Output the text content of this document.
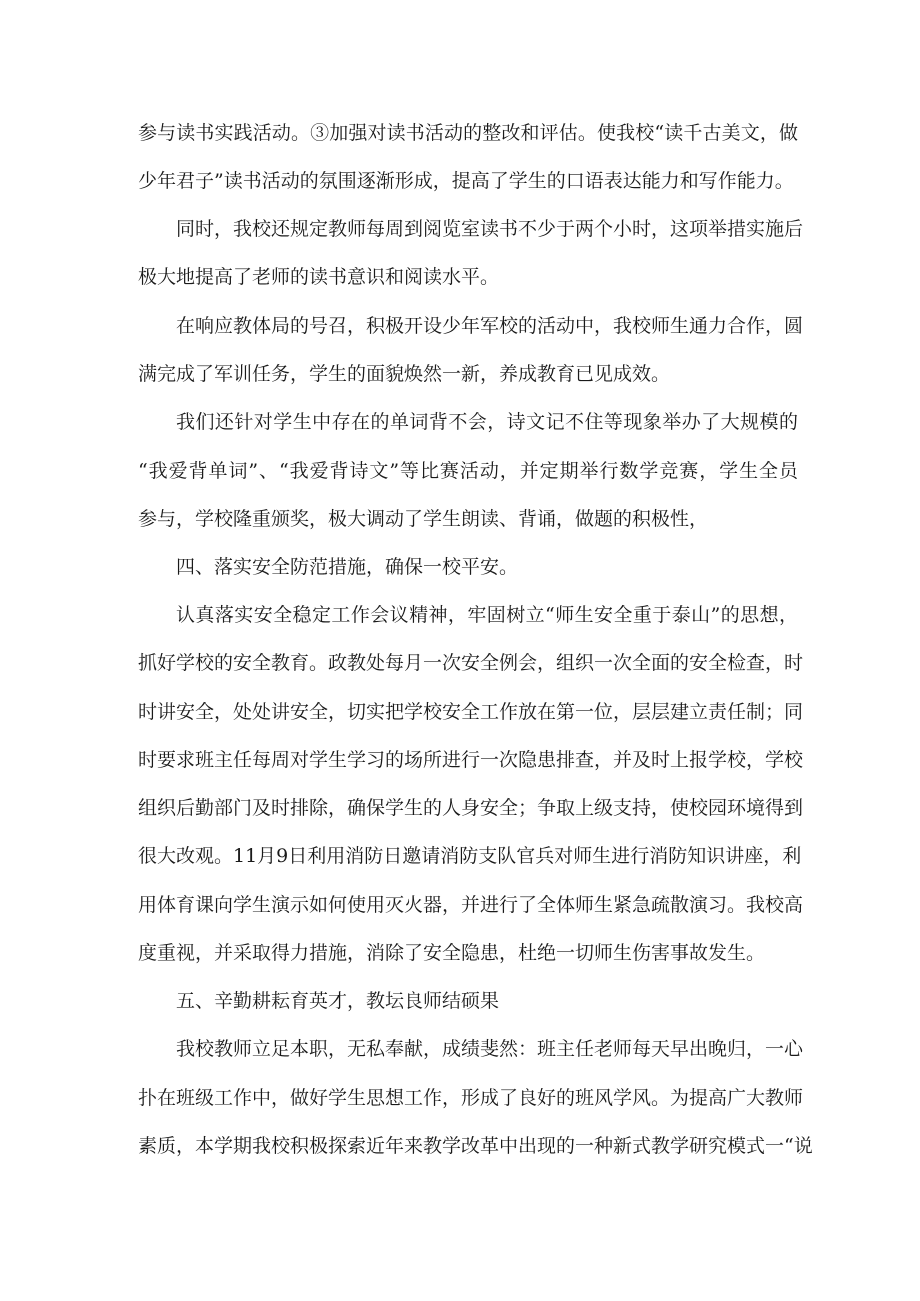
参与读书实践活动。③加强对读书活动的整改和评估。使我校“读千古美文，做
少年君子”读书活动的氛围逐渐形成，提高了学生的口语表达能力和写作能力。
同时，我校还规定教师每周到阅览室读书不少于两个小时，这项举措实施后
极大地提高了老师的读书意识和阅读水平。
在响应教体局的号召，积极开设少年军校的活动中，我校师生通力合作，圆
满完成了军训任务，学生的面貌焕然一新，养成教育已见成效。
我们还针对学生中存在的单词背不会，诗文记不住等现象举办了大规模的
“我爱背单词”、“我爱背诗文”等比赛活动，并定期举行数学竞赛，学生全员
参与，学校隆重颁奖，极大调动了学生朗读、背诵，做题的积极性，
四、落实安全防范措施，确保一校平安。
认真落实安全稳定工作会议精神，牢固树立“师生安全重于泰山”的思想，
抓好学校的安全教育。政教处每月一次安全例会，组织一次全面的安全检查，时
时讲安全，处处讲安全，切实把学校安全工作放在第一位，层层建立责任制；同
时要求班主任每周对学生学习的场所进行一次隐患排查，并及时上报学校，学校
组织后勤部门及时排除，确保学生的人身安全；争取上级支持，使校园环境得到
很大改观。11月9日利用消防日邀请消防支队官兵对师生进行消防知识讲座，利
用体育课向学生演示如何使用灭火器，并进行了全体师生紧急疏散演习。我校高
度重视，并采取得力措施，消除了安全隐患，杜绝一切师生伤害事故发生。
五、辛勤耕耘育英才，教坛良师结硕果
我校教师立足本职，无私奉献，成绩斐然：班主任老师每天早出晚归，一心
扑在班级工作中，做好学生思想工作，形成了良好的班风学风。为提高广大教师
素质，本学期我校积极探索近年来教学改革中出现的一种新式教学研究模式一“说
